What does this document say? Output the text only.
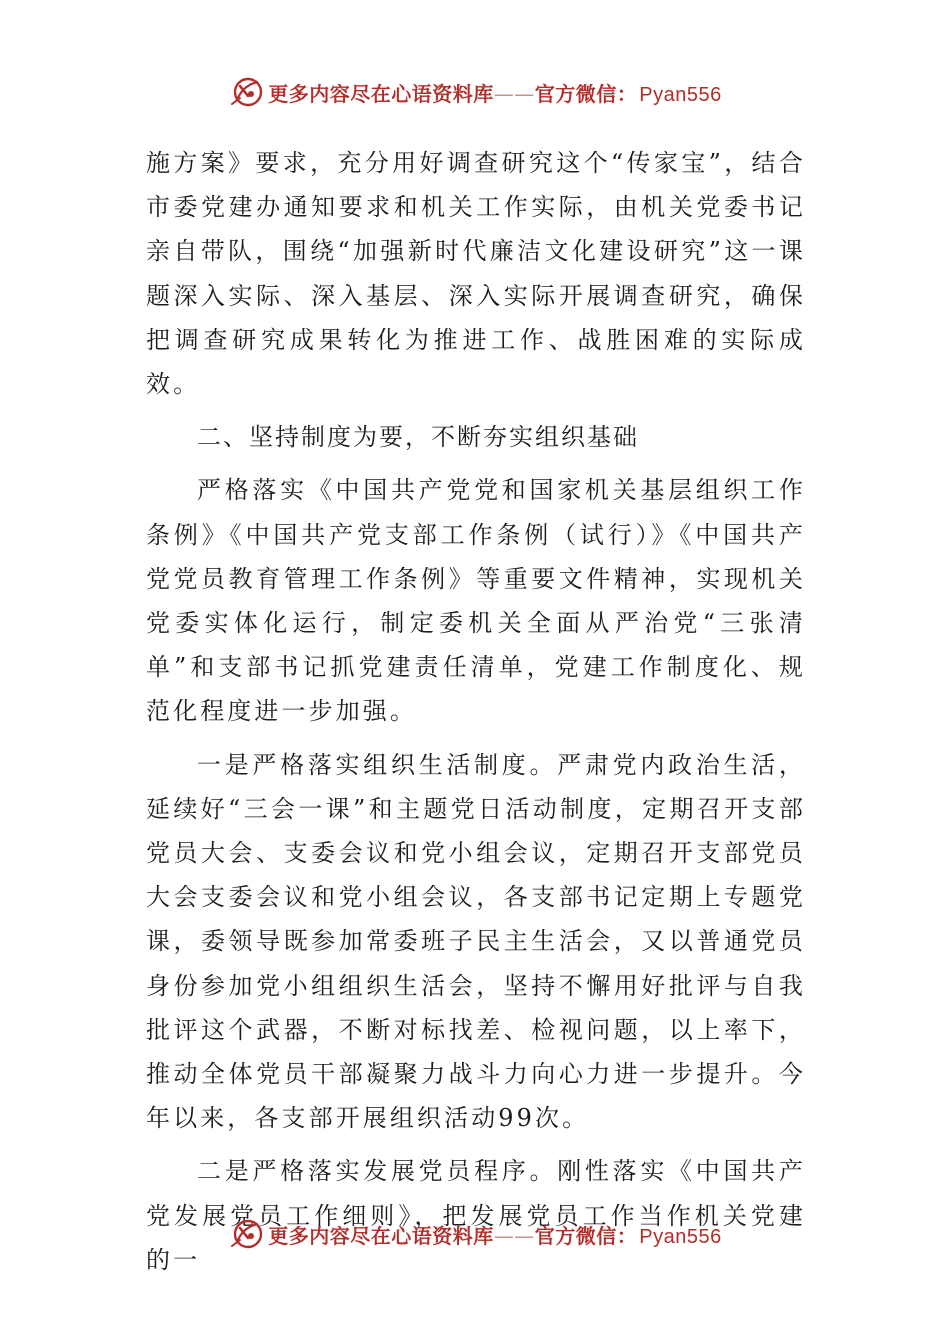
更多内容尽在心语资料库——官方微信： Pyan556

施方案》要求，充分用好调查研究这个“传家宝”，结合市委党建办通知要求和机关工作实际，由机关党委书记亲自带队，围绕“加强新时代廉洁文化建设研究”这一课题深入实际、深入基层、深入实际开展调查研究，确保把调查研究成果转化为推进工作、战胜困难的实际成效。

二、坚持制度为要，不断夯实组织基础

严格落实《中国共产党党和国家机关基层组织工作条例》《中国共产党支部工作条例（试行）》《中国共产党党员教育管理工作条例》等重要文件精神，实现机关党委实体化运行，制定委机关全面从严治党“三张清单”和支部书记抓党建责任清单，党建工作制度化、规范化程度进一步加强。

一是严格落实组织生活制度。严肃党内政治生活，延续好“三会一课”和主题党日活动制度，定期召开支部党员大会、支委会议和党小组会议，定期召开支部党员大会支委会议和党小组会议，各支部书记定期上专题党课，委领导既参加常委班子民主生活会，又以普通党员身份参加党小组组织生活会，坚持不懈用好批评与自我批评这个武器，不断对标找差、检视问题，以上率下，推动全体党员干部凝聚力战斗力向心力进一步提升。今年以来，各支部开展组织活动99次。

二是严格落实发展党员程序。刚性落实《中国共产党发展党员工作细则》，把发展党员工作当作机关党建的一

更多内容尽在心语资料库——官方微信： Pyan556
